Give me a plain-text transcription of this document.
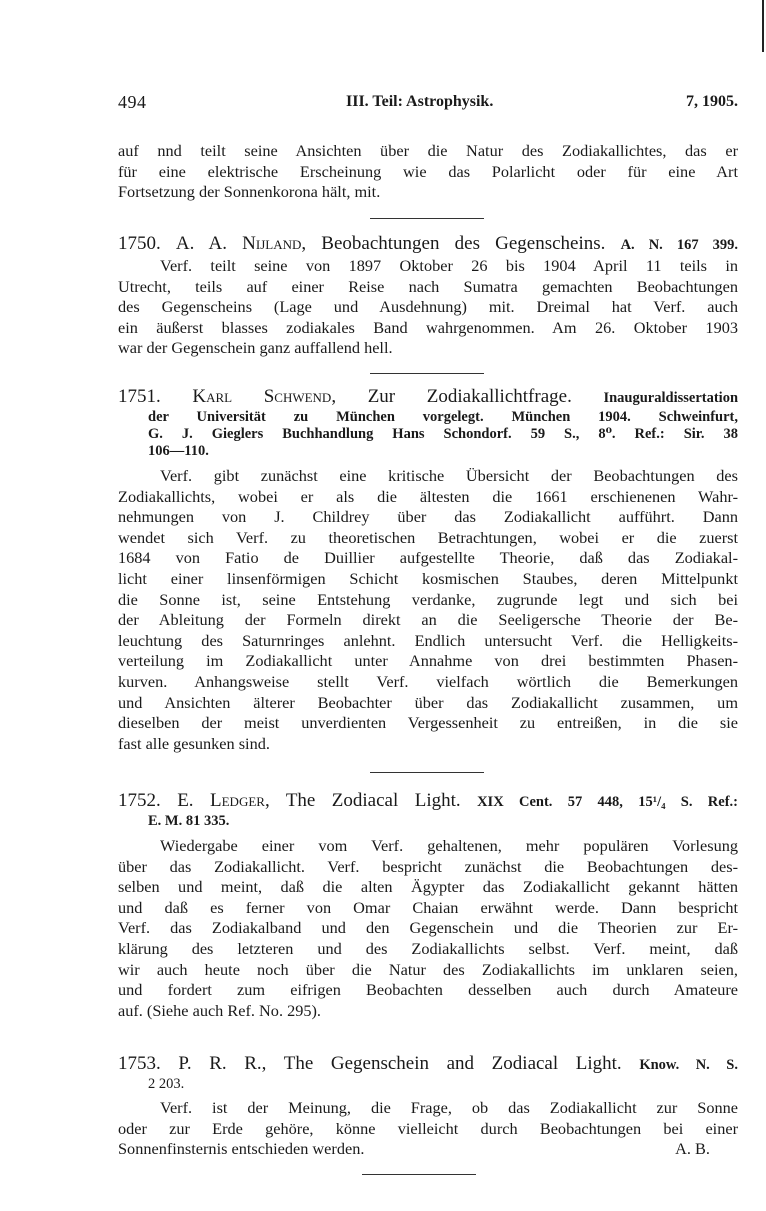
494	III. Teil: Astrophysik.	7, 1905.
auf nnd teilt seine Ansichten über die Natur des Zodiakallichtes, das er
für eine elektrische Erscheinung wie das Polarlicht oder für eine Art
Fortsetzung der Sonnenkorona hält, mit.
1750. A. A. Nijland, Beobachtungen des Gegenscheins. A. N. 167 399.
Verf. teilt seine von 1897 Oktober 26 bis 1904 April 11 teils in
Utrecht, teils auf einer Reise nach Sumatra gemachten Beobachtungen
des Gegenscheins (Lage und Ausdehnung) mit. Dreimal hat Verf. auch
ein äußerst blasses zodiakales Band wahrgenommen. Am 26. Oktober 1903
war der Gegenschein ganz auffallend hell.
1751. Karl Schwend, Zur Zodiakallichtfrage. Inauguraldissertation
der Universität zu München vorgelegt. München 1904. Schweinfurt,
G. J. Gieglers Buchhandlung Hans Schondorf. 59 S., 8⁰. Ref.: Sir. 38
106—110.
Verf. gibt zunächst eine kritische Übersicht der Beobachtungen des
Zodiakallichts, wobei er als die ältesten die 1661 erschienenen Wahr-
nehmungen von J. Childrey über das Zodiakallicht aufführt. Dann
wendet sich Verf. zu theoretischen Betrachtungen, wobei er die zuerst
1684 von Fatio de Duillier aufgestellte Theorie, daß das Zodiakal-
licht einer linsenförmigen Schicht kosmischen Staubes, deren Mittelpunkt
die Sonne ist, seine Entstehung verdanke, zugrunde legt und sich bei
der Ableitung der Formeln direkt an die Seeligersche Theorie der Be-
leuchtung des Saturnringes anlehnt. Endlich untersucht Verf. die Helligkeits-
verteilung im Zodiakallicht unter Annahme von drei bestimmten Phasen-
kurven. Anhangsweise stellt Verf. vielfach wörtlich die Bemerkungen
und Ansichten älterer Beobachter über das Zodiakallicht zusammen, um
dieselben der meist unverdienten Vergessenheit zu entreißen, in die sie
fast alle gesunken sind.
1752. E. Ledger, The Zodiacal Light. XIX Cent. 57 448, 15¹/₄ S. Ref.:
E. M. 81 335.
Wiedergabe einer vom Verf. gehaltenen, mehr populären Vorlesung
über das Zodiakallicht. Verf. bespricht zunächst die Beobachtungen des-
selben und meint, daß die alten Ägypter das Zodiakallicht gekannt hätten
und daß es ferner von Omar Chaian erwähnt werde. Dann bespricht
Verf. das Zodiakalband und den Gegenschein und die Theorien zur Er-
klärung des letzteren und des Zodiakallichts selbst. Verf. meint, daß
wir auch heute noch über die Natur des Zodiakallichts im unklaren seien,
und fordert zum eifrigen Beobachten desselben auch durch Amateure
auf. (Siehe auch Ref. No. 295).
1753. P. R. R., The Gegenschein and Zodiacal Light. Know. N. S.
2 203.
Verf. ist der Meinung, die Frage, ob das Zodiakallicht zur Sonne
oder zur Erde gehöre, könne vielleicht durch Beobachtungen bei einer
Sonnenfinsternis entschieden werden.	A. B.
